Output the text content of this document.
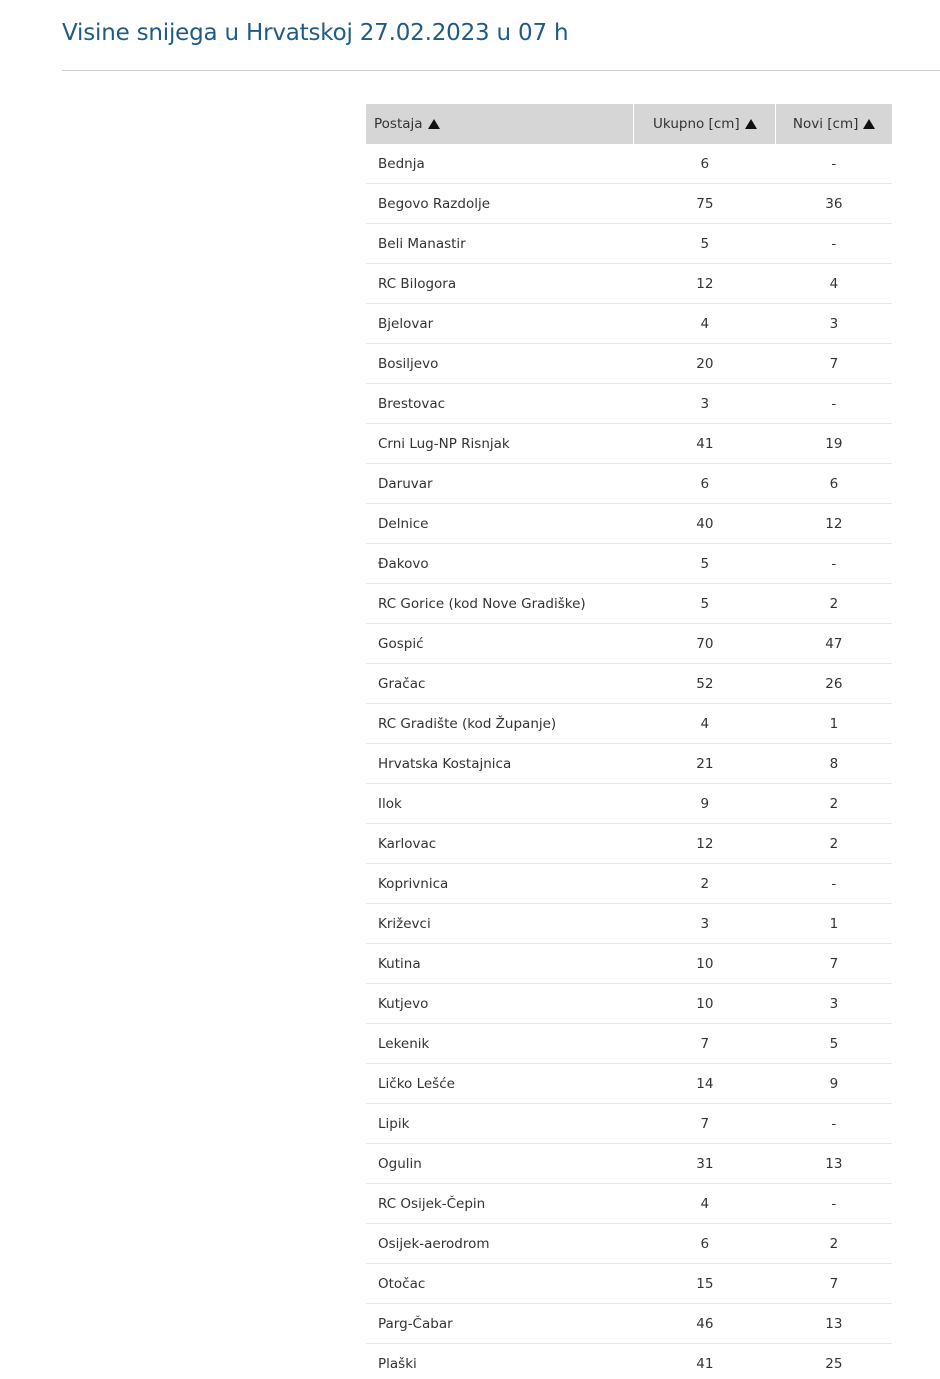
Visine snijega u Hrvatskoj 27.02.2023 u 07 h
Postaja	Ukupno [cm]	Novi [cm]
Bednja	6	-
Begovo Razdolje	75	36
Beli Manastir	5	-
RC Bilogora	12	4
Bjelovar	4	3
Bosiljevo	20	7
Brestovac	3	-
Crni Lug-NP Risnjak	41	19
Daruvar	6	6
Delnice	40	12
Đakovo	5	-
RC Gorice (kod Nove Gradiške)	5	2
Gospić	70	47
Gračac	52	26
RC Gradište (kod Županje)	4	1
Hrvatska Kostajnica	21	8
Ilok	9	2
Karlovac	12	2
Koprivnica	2	-
Križevci	3	1
Kutina	10	7
Kutjevo	10	3
Lekenik	7	5
Ličko Lešće	14	9
Lipik	7	-
Ogulin	31	13
RC Osijek-Čepin	4	-
Osijek-aerodrom	6	2
Otočac	15	7
Parg-Čabar	46	13
Plaški	41	25
